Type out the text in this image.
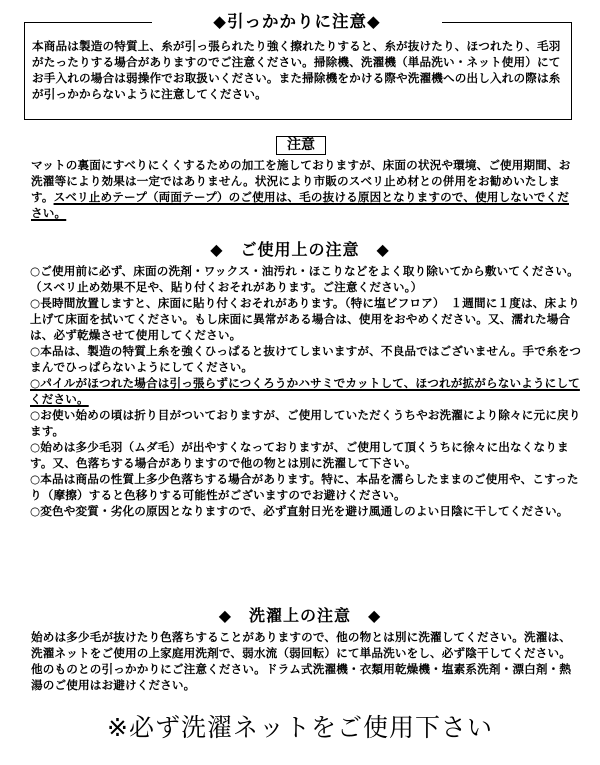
◆引っかかりに注意◆
本商品は製造の特質上、糸が引っ張られたり強く擦れたりすると、糸が抜けたり、ほつれたり、毛羽がたったりする場合がありますのでご注意ください。掃除機、洗濯機（単品洗い・ネット使用）にてお手入れの場合は弱操作でお取扱いください。また掃除機をかける際や洗濯機への出し入れの際は糸が引っかからないように注意してください。
注意
マットの裏面にすべりにくくするための加工を施しておりますが、床面の状況や環境、ご使用期間、お洗濯等により効果は一定ではありません。状況により市販のスベリ止め材との併用をお勧めいたします。スベリ止めテープ（両面テープ）のご使用は、毛の抜ける原因となりますので、使用しないでください。
◆　ご使用上の注意　◆
○ご使用前に必ず、床面の洗剤・ワックス・油汚れ・ほこりなどをよく取り除いてから敷いてください。（スベリ止め効果不足や、貼り付くおそれがあります。ご注意ください。）
○長時間放置しますと、床面に貼り付くおそれがあります。（特に塩ビフロア）　１週間に１度は、床より上げて床面を拭いてください。もし床面に異常がある場合は、使用をおやめください。又、濡れた場合は、必ず乾燥させて使用してください。
○本品は、製造の特質上糸を強くひっぱると抜けてしまいますが、不良品ではございません。手で糸をつまんでひっぱらないようにしてください。
○パイルがほつれた場合は引っ張らずにつくろうかハサミでカットして、ほつれが拡がらないようにしてください。
○お使い始めの頃は折り目がついておりますが、ご使用していただくうちやお洗濯により除々に元に戻ります。
○始めは多少毛羽（ムダ毛）が出やすくなっておりますが、ご使用して頂くうちに徐々に出なくなります。又、色落ちする場合がありますので他の物とは別に洗濯して下さい。
○本品は商品の性質上多少色落ちする場合があります。特に、本品を濡らしたままのご使用や、こすったり（摩擦）すると色移りする可能性がございますのでお避けください。
○変色や変質・劣化の原因となりますので、必ず直射日光を避け風通しのよい日陰に干してください。
◆　洗濯上の注意　◆
始めは多少毛が抜けたり色落ちすることがありますので、他の物とは別に洗濯してください。洗濯は、洗濯ネットをご使用の上家庭用洗剤で、弱水流（弱回転）にて単品洗いをし、必ず陰干してください。他のものとの引っかかりにご注意ください。ドラム式洗濯機・衣類用乾燥機・塩素系洗剤・漂白剤・熱湯のご使用はお避けください。
※必ず洗濯ネットをご使用下さい
